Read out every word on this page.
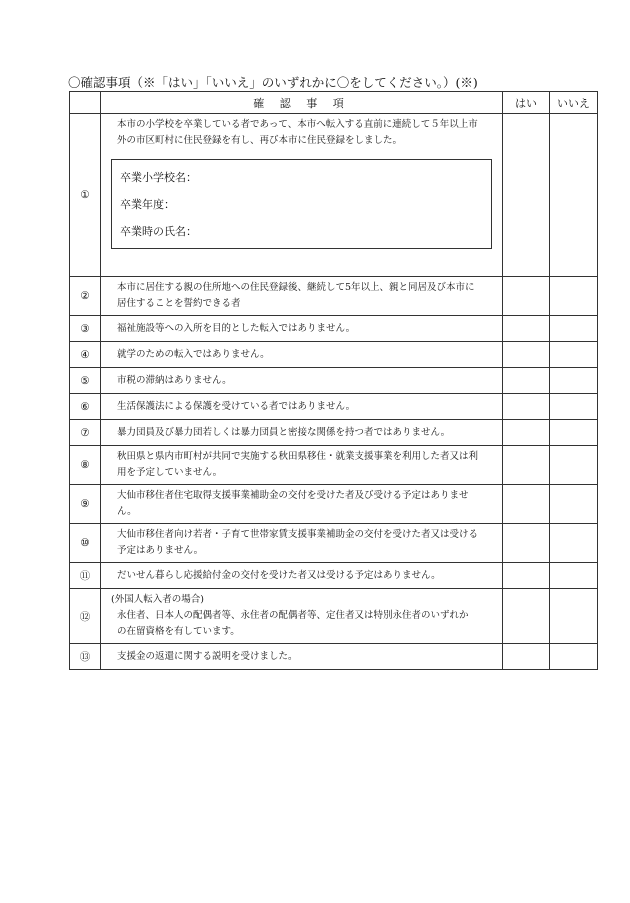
〇確認事項（※「はい」「いいえ」のいずれかに〇をしてください。）(※)
	確 認 事 項	はい	いいえ
①	本市の小学校を卒業している者であって、本市へ転入する直前に連続して５年以上市
外の市区町村に住民登録を有し、再び本市に住民登録をしました。
卒業小学校名：
卒業年度：
卒業時の氏名：		

②	本市に居住する親の住所地への住民登録後、継続して5年以上、親と同居及び本市に
居住することを誓約できる者		

③	福祉施設等への入所を目的とした転入ではありません。		

④	就学のための転入ではありません。		

⑤	市税の滞納はありません。		

⑥	生活保護法による保護を受けている者ではありません。		

⑦	暴力団員及び暴力団若しくは暴力団員と密接な関係を持つ者ではありません。		

⑧	秋田県と県内市町村が共同で実施する秋田県移住・就業支援事業を利用した者又は利
用を予定していません。		

⑨	大仙市移住者住宅取得支援事業補助金の交付を受けた者及び受ける予定はありませ
ん。		

⑩	大仙市移住者向け若者・子育て世帯家賃支援事業補助金の交付を受けた者又は受ける
予定はありません。		

⑪	だいせん暮らし応援給付金の交付を受けた者又は受ける予定はありません。		

⑫	(外国人転入者の場合)
永住者、日本人の配偶者等、永住者の配偶者等、定住者又は特別永住者のいずれか
の在留資格を有しています。		

⑬	支援金の返還に関する説明を受けました。		
